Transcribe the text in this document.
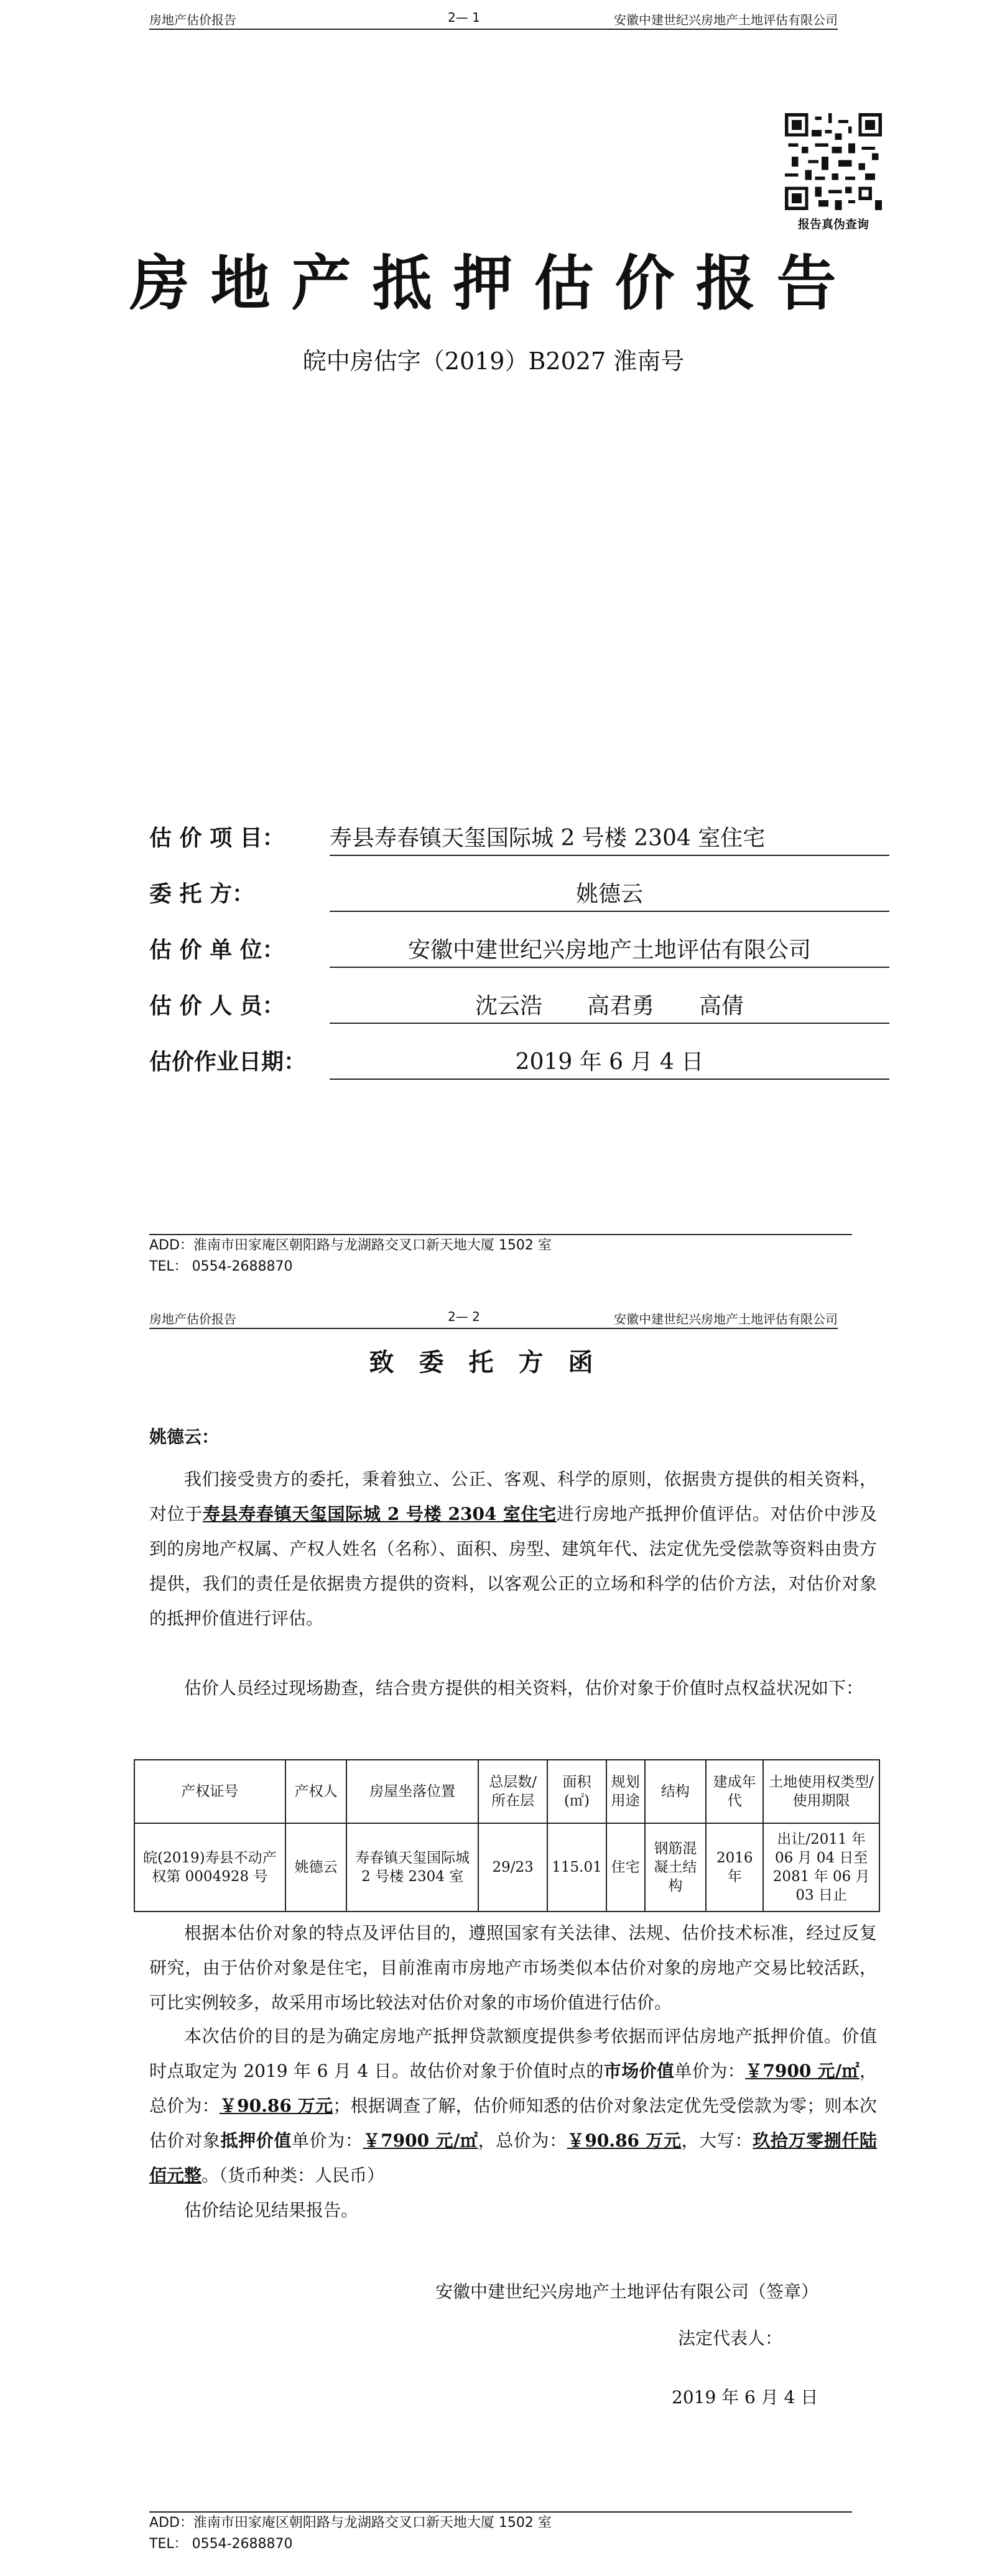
房地产估价报告	2— 1	安徽中建世纪兴房地产土地评估有限公司
报告真伪查询
房地产抵押估价报告
皖中房估字（2019）B2027 淮南号
估 价 项 目： 寿县寿春镇天玺国际城 2 号楼 2304 室住宅
委 托 方：	姚德云
估 价 单 位：	安徽中建世纪兴房地产土地评估有限公司
估 价 人 员：	沈云浩　　高君勇　　高倩
估价作业日期：	2019 年 6 月 4 日
ADD：淮南市田家庵区朝阳路与龙湖路交叉口新天地大厦 1502 室
TEL： 0554-2688870
房地产估价报告	2— 2	安徽中建世纪兴房地产土地评估有限公司
致委托方函
姚德云：
我们接受贵方的委托，秉着独立、公正、客观、科学的原则，依据贵方提供的相关资料，对位于寿县寿春镇天玺国际城 2 号楼 2304 室住宅进行房地产抵押价值评估。对估价中涉及到的房地产权属、产权人姓名（名称）、面积、房型、建筑年代、法定优先受偿款等资料由贵方提供，我们的责任是依据贵方提供的资料，以客观公正的立场和科学的估价方法，对估价对象的抵押价值进行评估。
估价人员经过现场勘查，结合贵方提供的相关资料，估价对象于价值时点权益状况如下：
产权证号	产权人	房屋坐落位置	总层数/所在层	面积(㎡)	规划用途	结构	建成年代	土地使用权类型/使用期限
皖(2019)寿县不动产权第 0004928 号	姚德云	寿春镇天玺国际城 2 号楼 2304 室	29/23	115.01	住宅	钢筋混凝土结构	2016 年	出让/2011 年 06 月 04 日至 2081 年 06 月 03 日止
根据本估价对象的特点及评估目的，遵照国家有关法律、法规、估价技术标准，经过反复研究，由于估价对象是住宅，目前淮南市房地产市场类似本估价对象的房地产交易比较活跃，可比实例较多，故采用市场比较法对估价对象的市场价值进行估价。
本次估价的目的是为确定房地产抵押贷款额度提供参考依据而评估房地产抵押价值。价值时点取定为 2019 年 6 月 4 日。故估价对象于价值时点的市场价值单价为：￥7900 元/㎡，总价为：￥90.86 万元；根据调查了解，估价师知悉的估价对象法定优先受偿款为零；则本次估价对象抵押价值单价为：￥7900 元/㎡，总价为：￥90.86 万元，大写：玖拾万零捌仟陆佰元整。（货币种类：人民币）
估价结论见结果报告。
安徽中建世纪兴房地产土地评估有限公司（签章）
法定代表人：
2019 年 6 月 4 日
ADD：淮南市田家庵区朝阳路与龙湖路交叉口新天地大厦 1502 室
TEL： 0554-2688870
